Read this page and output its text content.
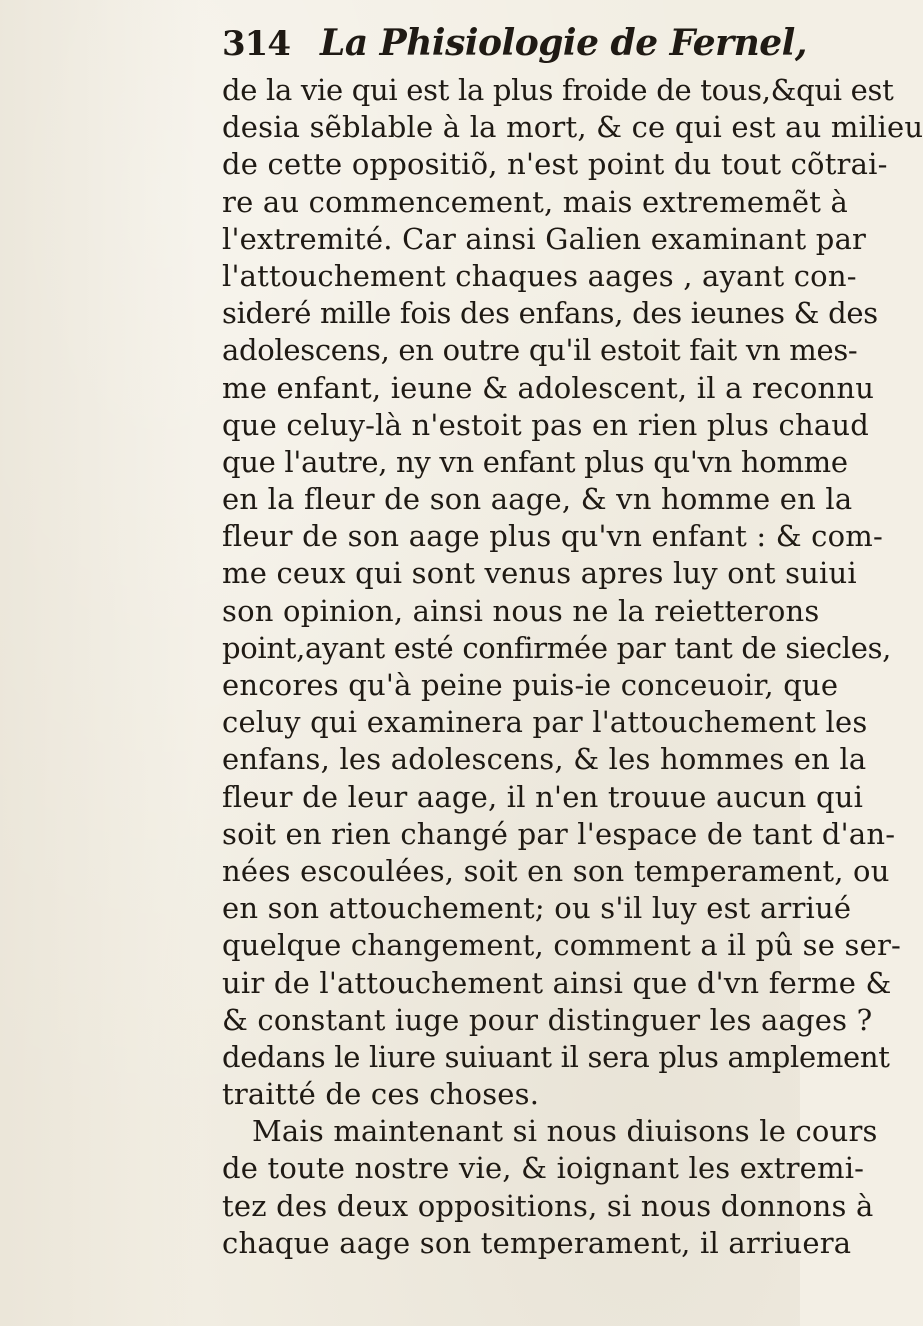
314 La Phisiologie de Fernel,
de la vie qui est la plus froide de tous,&qui est
desia sẽblable à la mort, & ce qui est au milieu
de cette oppositiõ, n'est point du tout cõtrai-
re au commencement, mais extrememẽt à
l'extremité. Car ainsi Galien examinant par
l'attouchement chaques aages , ayant con-
sideré mille fois des enfans, des ieunes & des
adolescens, en outre qu'il estoit fait vn mes-
me enfant, ieune & adolescent, il a reconnu
que celuy-là n'estoit pas en rien plus chaud
que l'autre, ny vn enfant plus qu'vn homme
en la fleur de son aage, & vn homme en la
fleur de son aage plus qu'vn enfant : & com-
me ceux qui sont venus apres luy ont suiui
son opinion, ainsi nous ne la reietterons
point,ayant esté confirmée par tant de siecles,
encores qu'à peine puis-ie conceuoir, que
celuy qui examinera par l'attouchement les
enfans, les adolescens, & les hommes en la
fleur de leur aage, il n'en trouue aucun qui
soit en rien changé par l'espace de tant d'an-
nées escoulées, soit en son temperament, ou
en son attouchement; ou s'il luy est arriué
quelque changement, comment a il pû se ser-
uir de l'attouchement ainsi que d'vn ferme &
& constant iuge pour distinguer les aages ?
dedans le liure suiuant il sera plus amplement
traitté de ces choses.
Mais maintenant si nous diuisons le cours
de toute nostre vie, & ioignant les extremi-
tez des deux oppositions, si nous donnons à
chaque aage son temperament, il arriuera
